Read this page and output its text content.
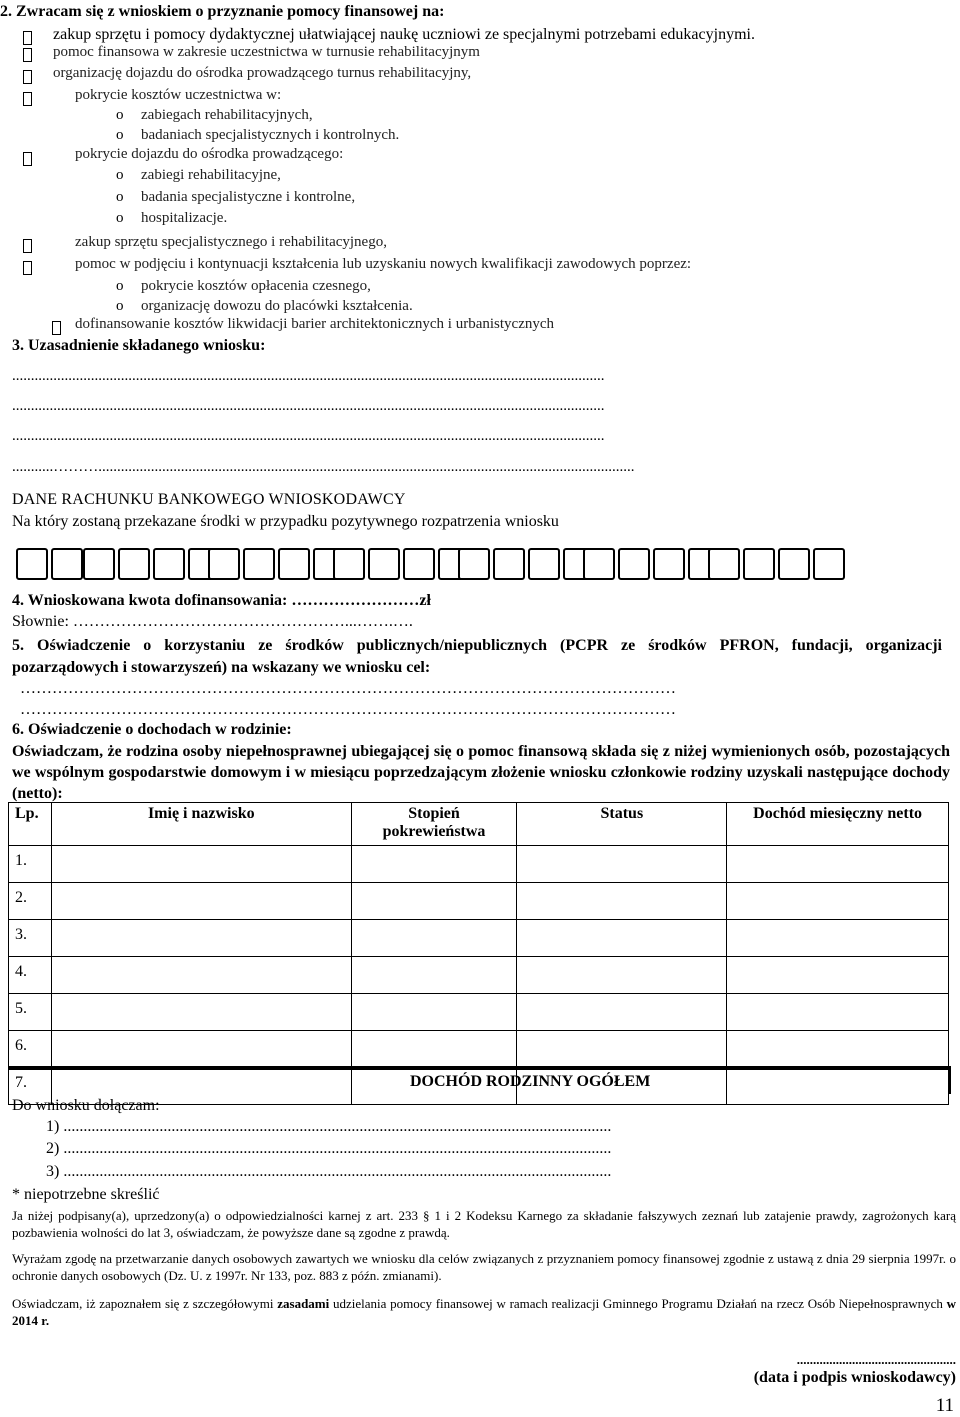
2. Zwracam się z wnioskiem o przyznanie pomocy finansowej na:
zakup sprzętu i pomocy dydaktycznej ułatwiającej naukę uczniowi ze specjalnymi potrzebami edukacyjnymi.
pomoc finansowa w zakresie uczestnictwa w turnusie rehabilitacyjnym
organizację dojazdu do ośrodka prowadzącego turnus rehabilitacyjny,
pokrycie kosztów uczestnictwa w:
o zabiegach rehabilitacyjnych,
o badaniach specjalistycznych i kontrolnych.
pokrycie dojazdu do ośrodka prowadzącego:
o zabiegi rehabilitacyjne,
o badania specjalistyczne i kontrolne,
o hospitalizacje.
zakup sprzętu specjalistycznego i rehabilitacyjnego,
pomoc w podjęciu i kontynuacji kształcenia lub uzyskaniu nowych kwalifikacji zawodowych poprzez:
o pokrycie kosztów opłacenia czesnego,
o organizację dowozu do placówki kształcenia.
dofinansowanie kosztów likwidacji barier architektonicznych i urbanistycznych
3. Uzasadnienie składanego wniosku:
..............................................................................................................................................................
..............................................................................................................................................................
..............................................................................................................................................................
...........………...............................................................................................................................................
DANE RACHUNKU BANKOWEGO WNIOSKODAWCY
Na który zostaną przekazane środki w przypadku pozytywnego rozpatrzenia wniosku
4. Wnioskowana kwota dofinansowania: ……………………zł
Słownie: ……………………………………………...…….….
5. Oświadczenie o korzystaniu ze środków publicznych/niepublicznych (PCPR ze środków PFRON, fundacji, organizacji pozarządowych i stowarzyszeń) na wskazany we wniosku cel:
……………………………………………………………………………………………………………
……………………………………………………………………………………………………………
6. Oświadczenie o dochodach w rodzinie:
Oświadczam, że rodzina osoby niepełnosprawnej ubiegającej się o pomoc finansową składa się z niżej wymienionych osób, pozostających we wspólnym gospodarstwie domowym i w miesiącu poprzedzającym złożenie wniosku członkowie rodziny uzyskali następujące dochody (netto):
Lp.	Imię i nazwisko	Stopień pokrewieństwa	Status	Dochód miesięczny netto
1.				
2.				
3.				
4.				
5.				
6.				
7.					DOCHÓD RODZINNY OGÓŁEM
Do wniosku dołączam:
1) .........................................................................................................................................
2) .........................................................................................................................................
3) .........................................................................................................................................
* niepotrzebne skreślić
Ja niżej podpisany(a), uprzedzony(a) o odpowiedzialności karnej z art. 233 § 1 i 2 Kodeksu Karnego za składanie fałszywych zeznań lub zatajenie prawdy, zagrożonych karą pozbawienia wolności do lat 3, oświadczam, że powyższe dane są zgodne z prawdą.
Wyrażam zgodę na przetwarzanie danych osobowych zawartych we wniosku dla celów związanych z przyznaniem pomocy finansowej zgodnie z ustawą z dnia 29 sierpnia 1997r. o ochronie danych osobowych (Dz. U. z 1997r. Nr 133, poz. 883 z późn. zmianami).
Oświadczam, iż zapoznałem się z szczegółowymi zasadami udzielania pomocy finansowej w ramach realizacji Gminnego Programu Działań na rzecz Osób Niepełnosprawnych w 2014 r.
.................................................
(data i podpis wnioskodawcy)
11
